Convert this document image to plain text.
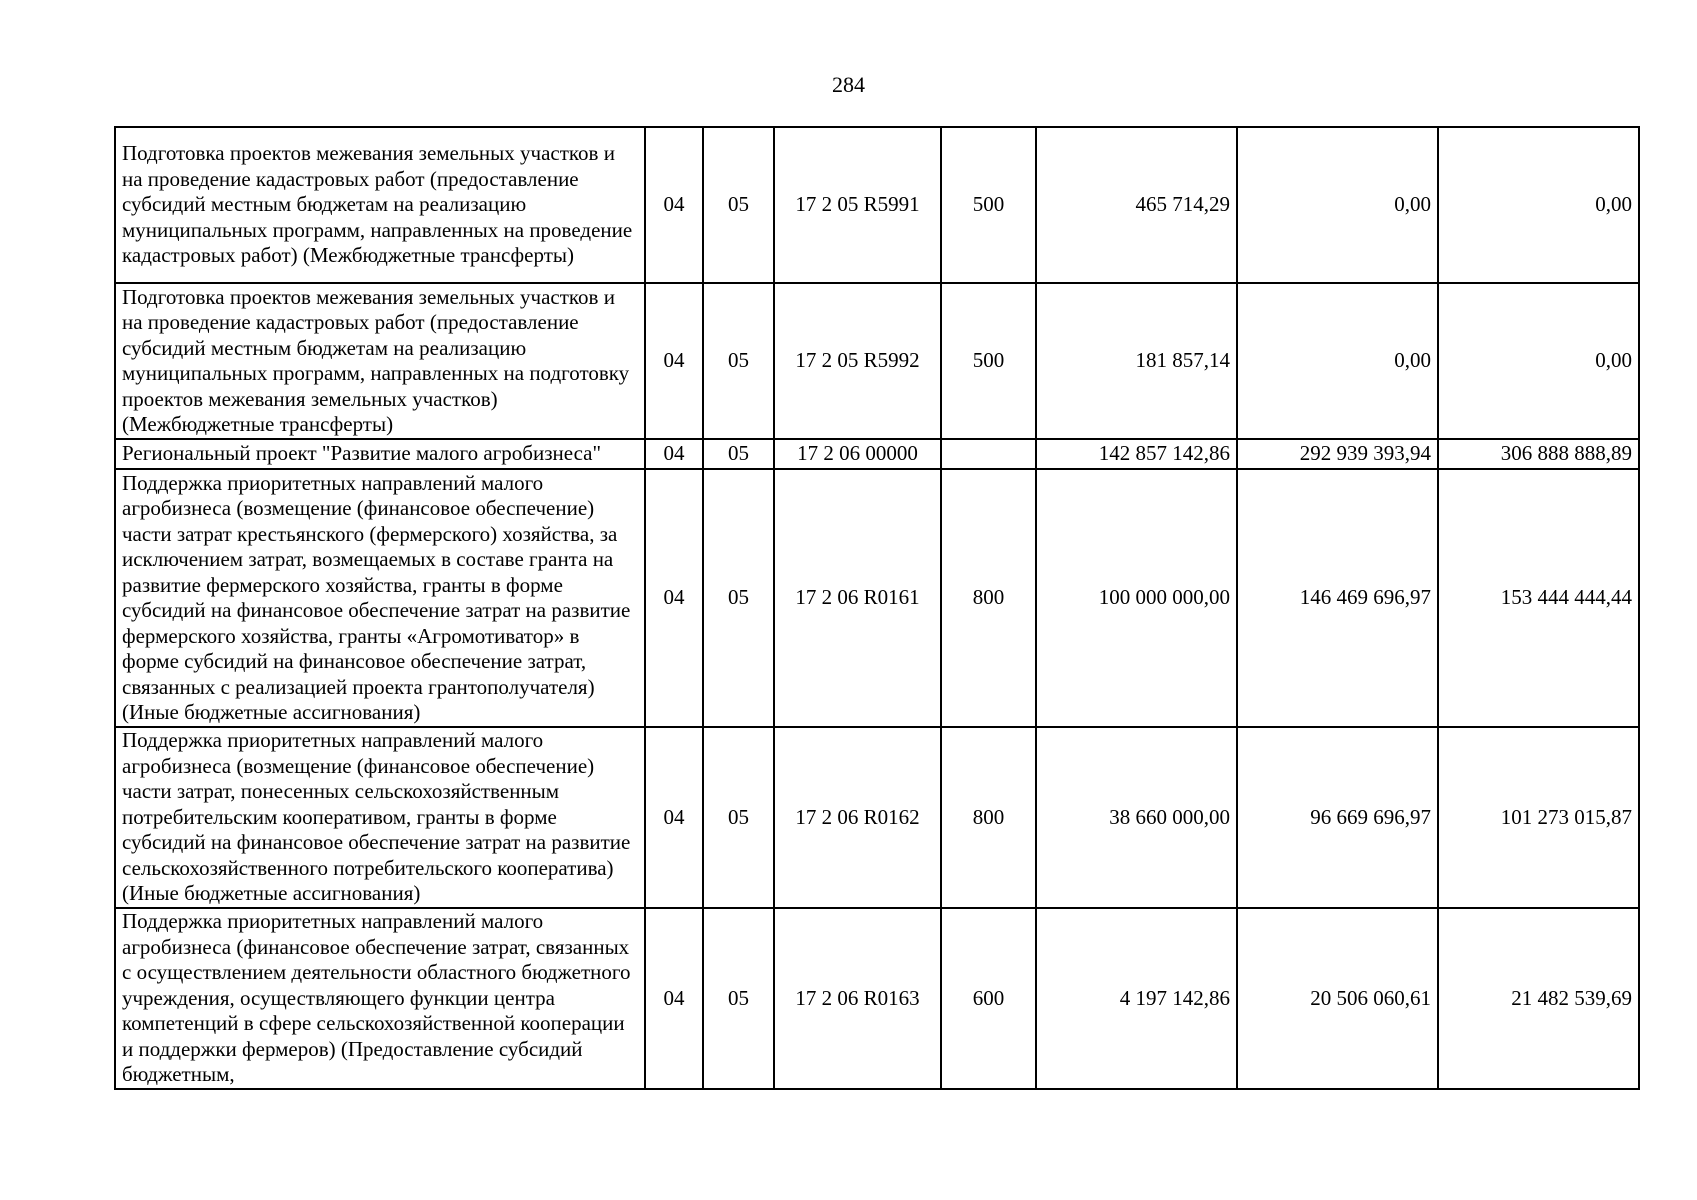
284
Подготовка проектов межевания земельных участков и на проведение кадастровых работ (предоставление субсидий местным бюджетам на реализацию муниципальных программ, направленных на проведение кадастровых работ) (Межбюджетные трансферты)	04	05	17 2 05 R5991	500	465 714,29	0,00	0,00
Подготовка проектов межевания земельных участков и на проведение кадастровых работ (предоставление субсидий местным бюджетам на реализацию муниципальных программ, направленных на подготовку проектов межевания земельных участков) (Межбюджетные трансферты)	04	05	17 2 05 R5992	500	181 857,14	0,00	0,00
Региональный проект "Развитие малого агробизнеса"	04	05	17 2 06 00000		142 857 142,86	292 939 393,94	306 888 888,89
Поддержка приоритетных направлений малого агробизнеса (возмещение (финансовое обеспечение) части затрат крестьянского (фермерского) хозяйства, за исключением затрат, возмещаемых в составе гранта на развитие фермерского хозяйства, гранты в форме субсидий на финансовое обеспечение затрат на развитие фермерского хозяйства, гранты «Агромотиватор» в форме субсидий на финансовое обеспечение затрат, связанных с реализацией проекта грантополучателя) (Иные бюджетные ассигнования)	04	05	17 2 06 R0161	800	100 000 000,00	146 469 696,97	153 444 444,44
Поддержка приоритетных направлений малого агробизнеса (возмещение (финансовое обеспечение) части затрат, понесенных сельскохозяйственным потребительским кооперативом, гранты в форме субсидий на финансовое обеспечение затрат на развитие сельскохозяйственного потребительского кооператива) (Иные бюджетные ассигнования)	04	05	17 2 06 R0162	800	38 660 000,00	96 669 696,97	101 273 015,87
Поддержка приоритетных направлений малого агробизнеса (финансовое обеспечение затрат, связанных с осуществлением деятельности областного бюджетного учреждения, осуществляющего функции центра компетенций в сфере сельскохозяйственной кооперации и поддержки фермеров) (Предоставление субсидий бюджетным,	04	05	17 2 06 R0163	600	4 197 142,86	20 506 060,61	21 482 539,69
